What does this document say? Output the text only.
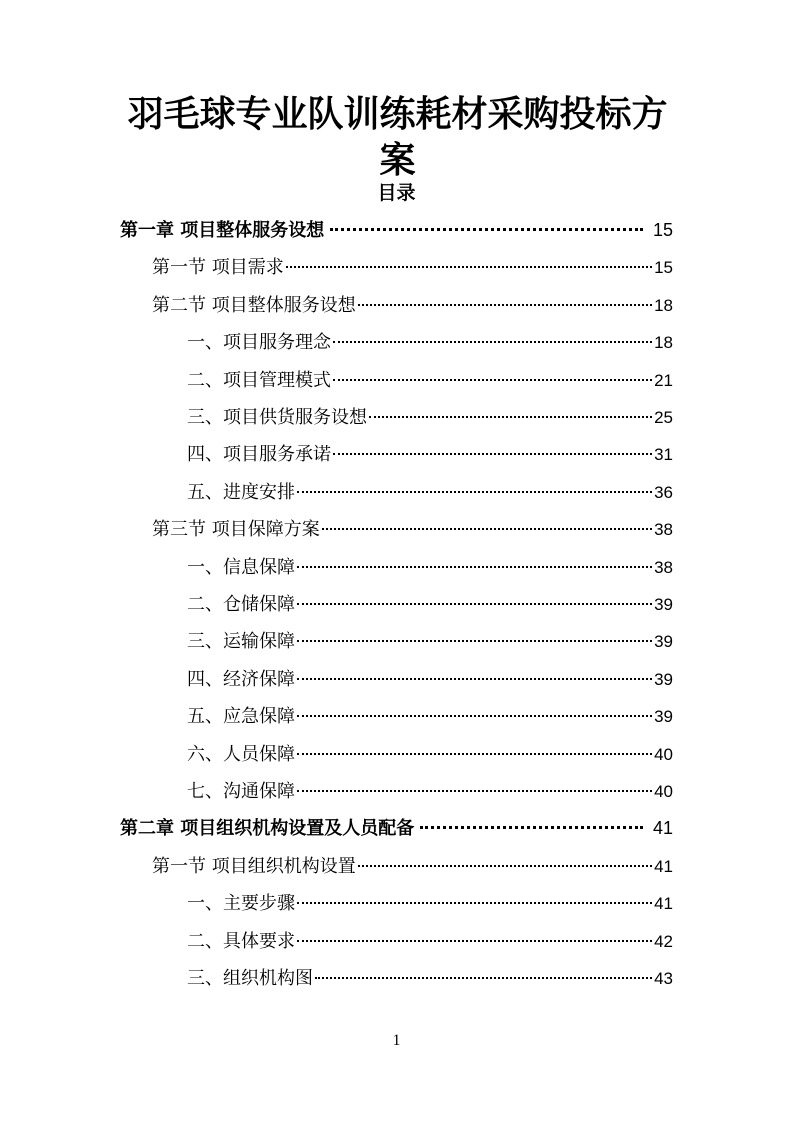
羽毛球专业队训练耗材采购投标方
案
目录
第一章 项目整体服务设想	15
第一节 项目需求	15
第二节 项目整体服务设想	18
一、项目服务理念	18
二、项目管理模式	21
三、项目供货服务设想	25
四、项目服务承诺	31
五、进度安排	36
第三节 项目保障方案	38
一、信息保障	38
二、仓储保障	39
三、运输保障	39
四、经济保障	39
五、应急保障	39
六、人员保障	40
七、沟通保障	40
第二章 项目组织机构设置及人员配备	41
第一节 项目组织机构设置	41
一、主要步骤	41
二、具体要求	42
三、组织机构图	43
1
